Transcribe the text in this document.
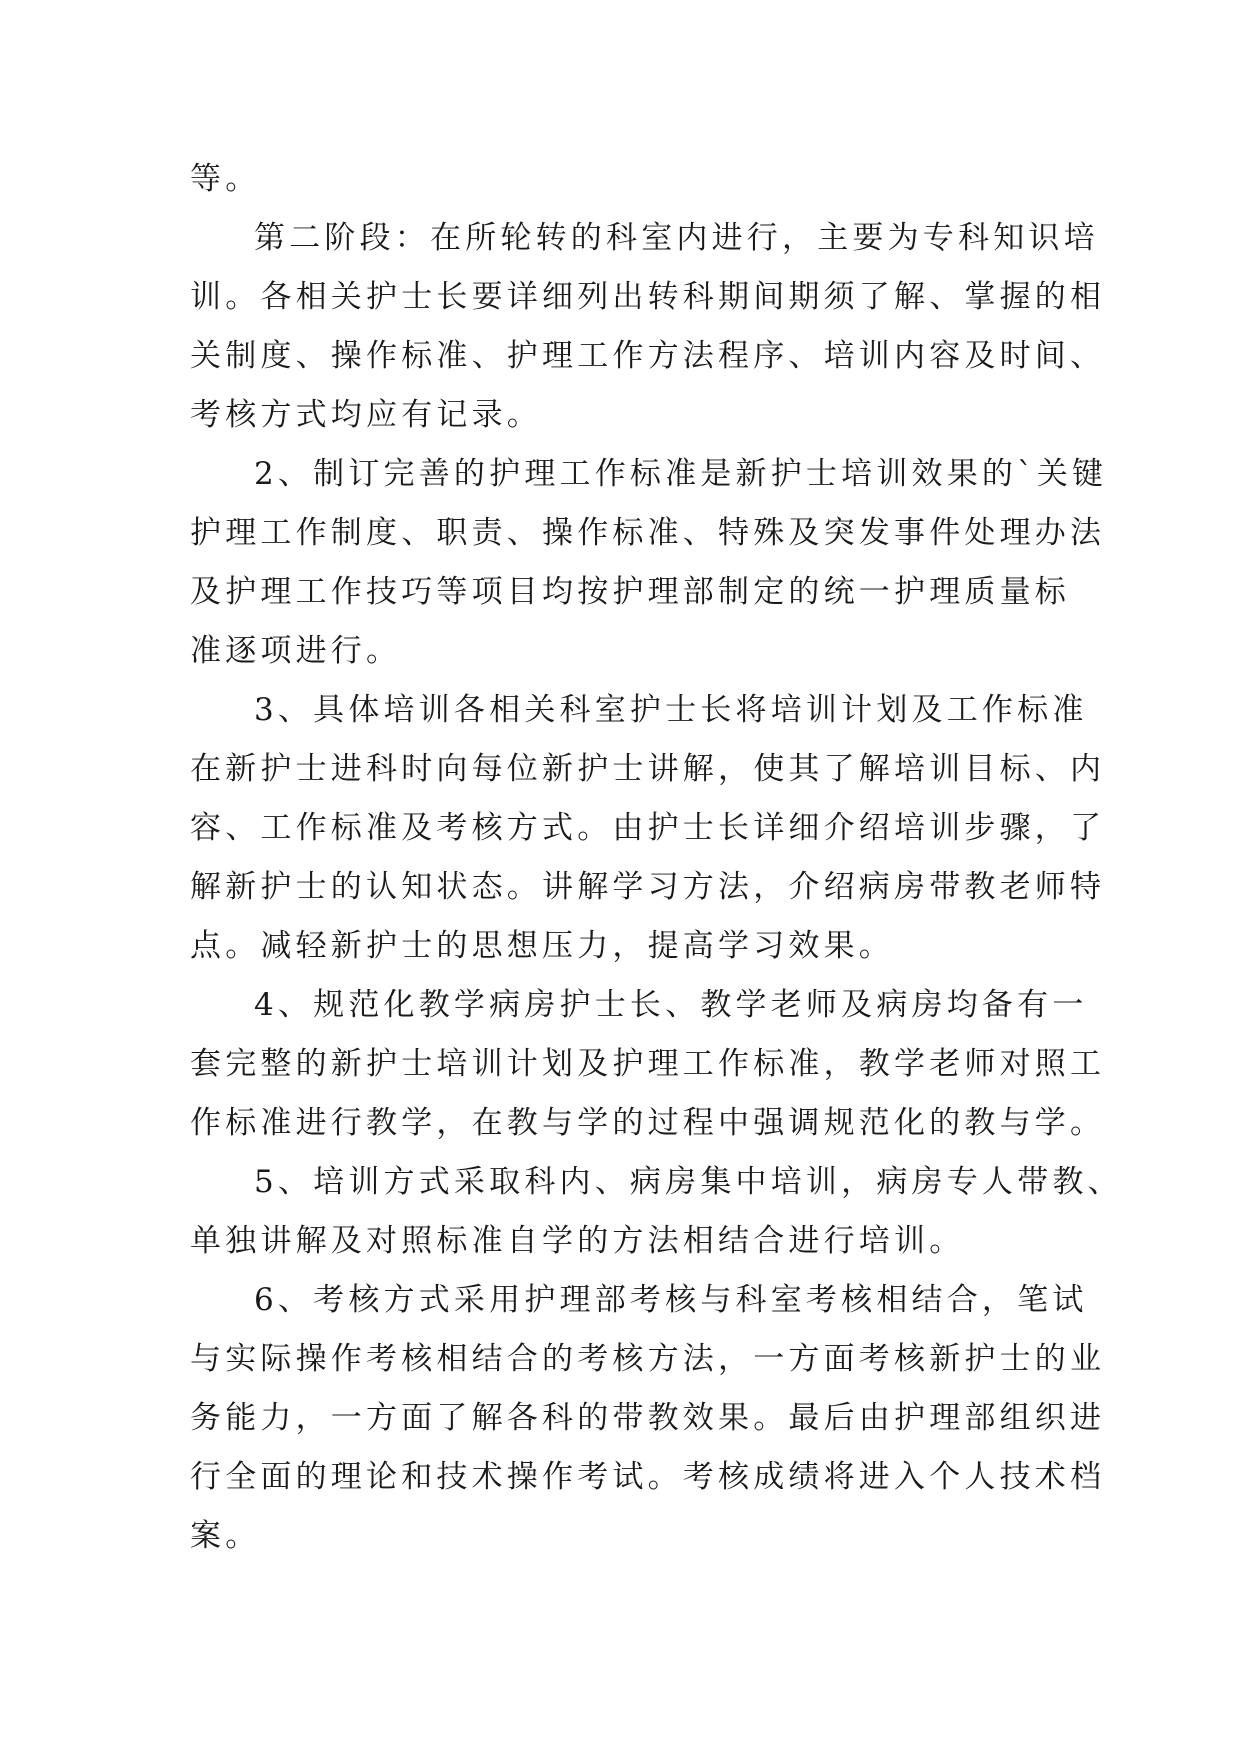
等。
第二阶段：在所轮转的科室内进行，主要为专科知识培
训。各相关护士长要详细列出转科期间期须了解、掌握的相
关制度、操作标准、护理工作方法程序、培训内容及时间、
考核方式均应有记录。
2、制订完善的护理工作标准是新护士培训效果的`关键
护理工作制度、职责、操作标准、特殊及突发事件处理办法
及护理工作技巧等项目均按护理部制定的统一护理质量标
准逐项进行。
3、具体培训各相关科室护士长将培训计划及工作标准
在新护士进科时向每位新护士讲解，使其了解培训目标、内
容、工作标准及考核方式。由护士长详细介绍培训步骤，了
解新护士的认知状态。讲解学习方法，介绍病房带教老师特
点。减轻新护士的思想压力，提高学习效果。
4、规范化教学病房护士长、教学老师及病房均备有一
套完整的新护士培训计划及护理工作标准，教学老师对照工
作标准进行教学，在教与学的过程中强调规范化的教与学。
5、培训方式采取科内、病房集中培训，病房专人带教、
单独讲解及对照标准自学的方法相结合进行培训。
6、考核方式采用护理部考核与科室考核相结合，笔试
与实际操作考核相结合的考核方法，一方面考核新护士的业
务能力，一方面了解各科的带教效果。最后由护理部组织进
行全面的理论和技术操作考试。考核成绩将进入个人技术档
案。
